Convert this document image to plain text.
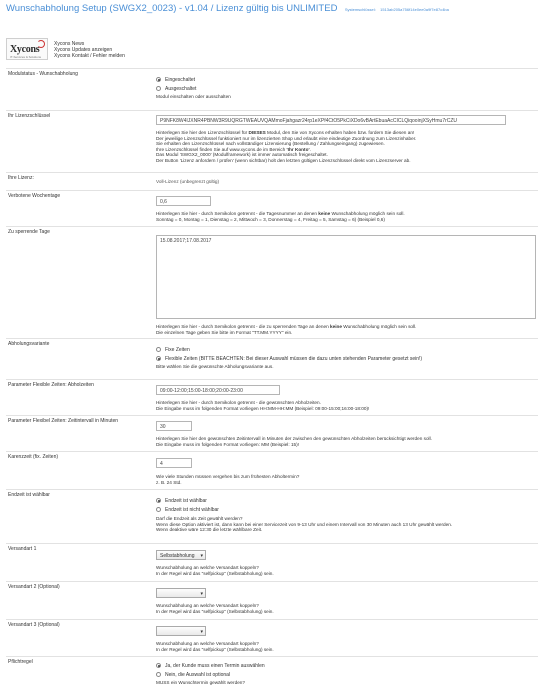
Wunschabholung Setup (SWGX2_0023) - v1.04 / Lizenz gültig bis UNLIMITED Systemschlüssel: 1513ab205a756f14e0ee0a9f7e87c4ba
Xycons
IT-Services & Solutions
Xycons News
Xycons Updates anzeigen
Xycons Kontakt / Fehler melden
Modulstatus - Wunschabholung
Eingeschaltet
Ausgeschaltet
Modul einschalten oder ausschalten
Ihr Lizenzschlüssel
P9NFK8W4IJXNR4PBNW3R9UQRGTWEAUVQAMmoFjahgazr24rp1eXPf4CtO5PkCiXDo6vBArtEbuaAcCICLQiqooinjXSyHmu7rCZU
Hinterlegen Sie hier den Lizenzschlüssel für DIESES Modul, den Sie von Xycons erhalten haben bzw. fordern Sie diesen an!
Der jeweilige Lizenzschlüssel funktioniert nur im lizenzierten Shop und erlaubt eine eindeutige Zuordnung zum Lizenzinhaber.
Sie erhalten den Lizenzschlüssel nach vollständiger Lizensierung (Bestellung / Zahlungseingang) zugewiesen.
Ihre Lizenzschlüssel finden Sie auf www.xycons.de im Bereich 'Ihr Konto'.
Das Modul 'SWGX2_0000' (Modulframework) ist immer automatisch freigeschaltet.
Der Button 'Lizenz anfordern / prüfen' (wenn sichtbar) holt den letzten gültigen Lizenzschlüssel direkt vom Lizenzserver ab.
Ihre Lizenz:
Voll-Lizenz (unbegrenzt gültig)
Verbotene Wochentage
0,6
Hinterlegen Sie hier - durch Semikolon getrennt - die Tagesnummer an denen keine Wunschabholung möglich sein soll.
Sonntag = 0, Montag = 1, Dienstag = 2, Mittwoch = 3, Donnerstag = 4, Freitag = 5, Samstag = 6) (Beispiel 0,6)
Zu sperrende Tage
15.08.2017;17.08.2017
Hinterlegen Sie hier - durch Semikolon getrennt - die zu sperrenden Tage an denen keine Wunschabholung möglich sein soll.
Die einzelnen Tage geben Sie bitte im Format "TT.MM.YYYY" ein.
Abholungsvariante
Fixe Zeiten
Flexible Zeiten (BITTE BEACHTEN: Bei dieser Auswahl müssen die dazu unten stehenden Parameter gesetzt sein!)
Bitte wählen Sie die gewünschte Abholungsvariante aus.
Parameter Flexible Zeiten: Abholzeiten
09:00-12:00;15:00-18:00;20:00-23:00
Hinterlegen Sie hier - durch Semikolon getrennt - die gewünschten Abholzeiten.
Die Eingabe muss im folgenden Format vorliegen HH:MM-HH:MM (Beispiel: 09:00-15:00;16:00-18:00)!
Parameter Flexibel Zeiten: Zeitintervall in Minuten
30
Hinterlegen Sie hier den gewünschten Zeitintervall in Minuten der zwischen den gewünschten Abholzeiten berücksichtigt werden soll.
Die Eingabe muss im folgenden Format vorliegen: MM (Beispiel: 15)!
Karenzzeit (fix. Zeiten)
4
Wie viele Stunden müssen vergehen bis zum frühesten Abholtermin?
z. B. 24 Std.
Endzeit ist wählbar
Endzeit ist wählbar
Endzeit ist nicht wählbar
Darf die Endzeit als Zeit gewählt werden?
Wenn diese Option aktiviert ist, dann kann bei einer Servicezeit von 9-13 Uhr und einem Intervall von 30 Minuten auch 13 Uhr gewählt werden.
Wenn deaktive wäre 12:30 die letzte wählbare Zeit.
Versandart 1
Selbstabholung ▾
Wunschabholung an welche Versandart koppeln?
In der Regel wird das "selfpickup" (Selbstabholung) sein.
Versandart 2 (Optional)
▾
Wunschabholung an welche Versandart koppeln?
In der Regel wird das "selfpickup" (Selbstabholung) sein.
Versandart 3 (Optional)
▾
Wunschabholung an welche Versandart koppeln?
In der Regel wird das "selfpickup" (Selbstabholung) sein.
Pflichtregel
Ja, der Kunde muss einen Termin auswählen
Nein, die Auswahl ist optional
MUSS ein Wunschtermin gewählt werden?
